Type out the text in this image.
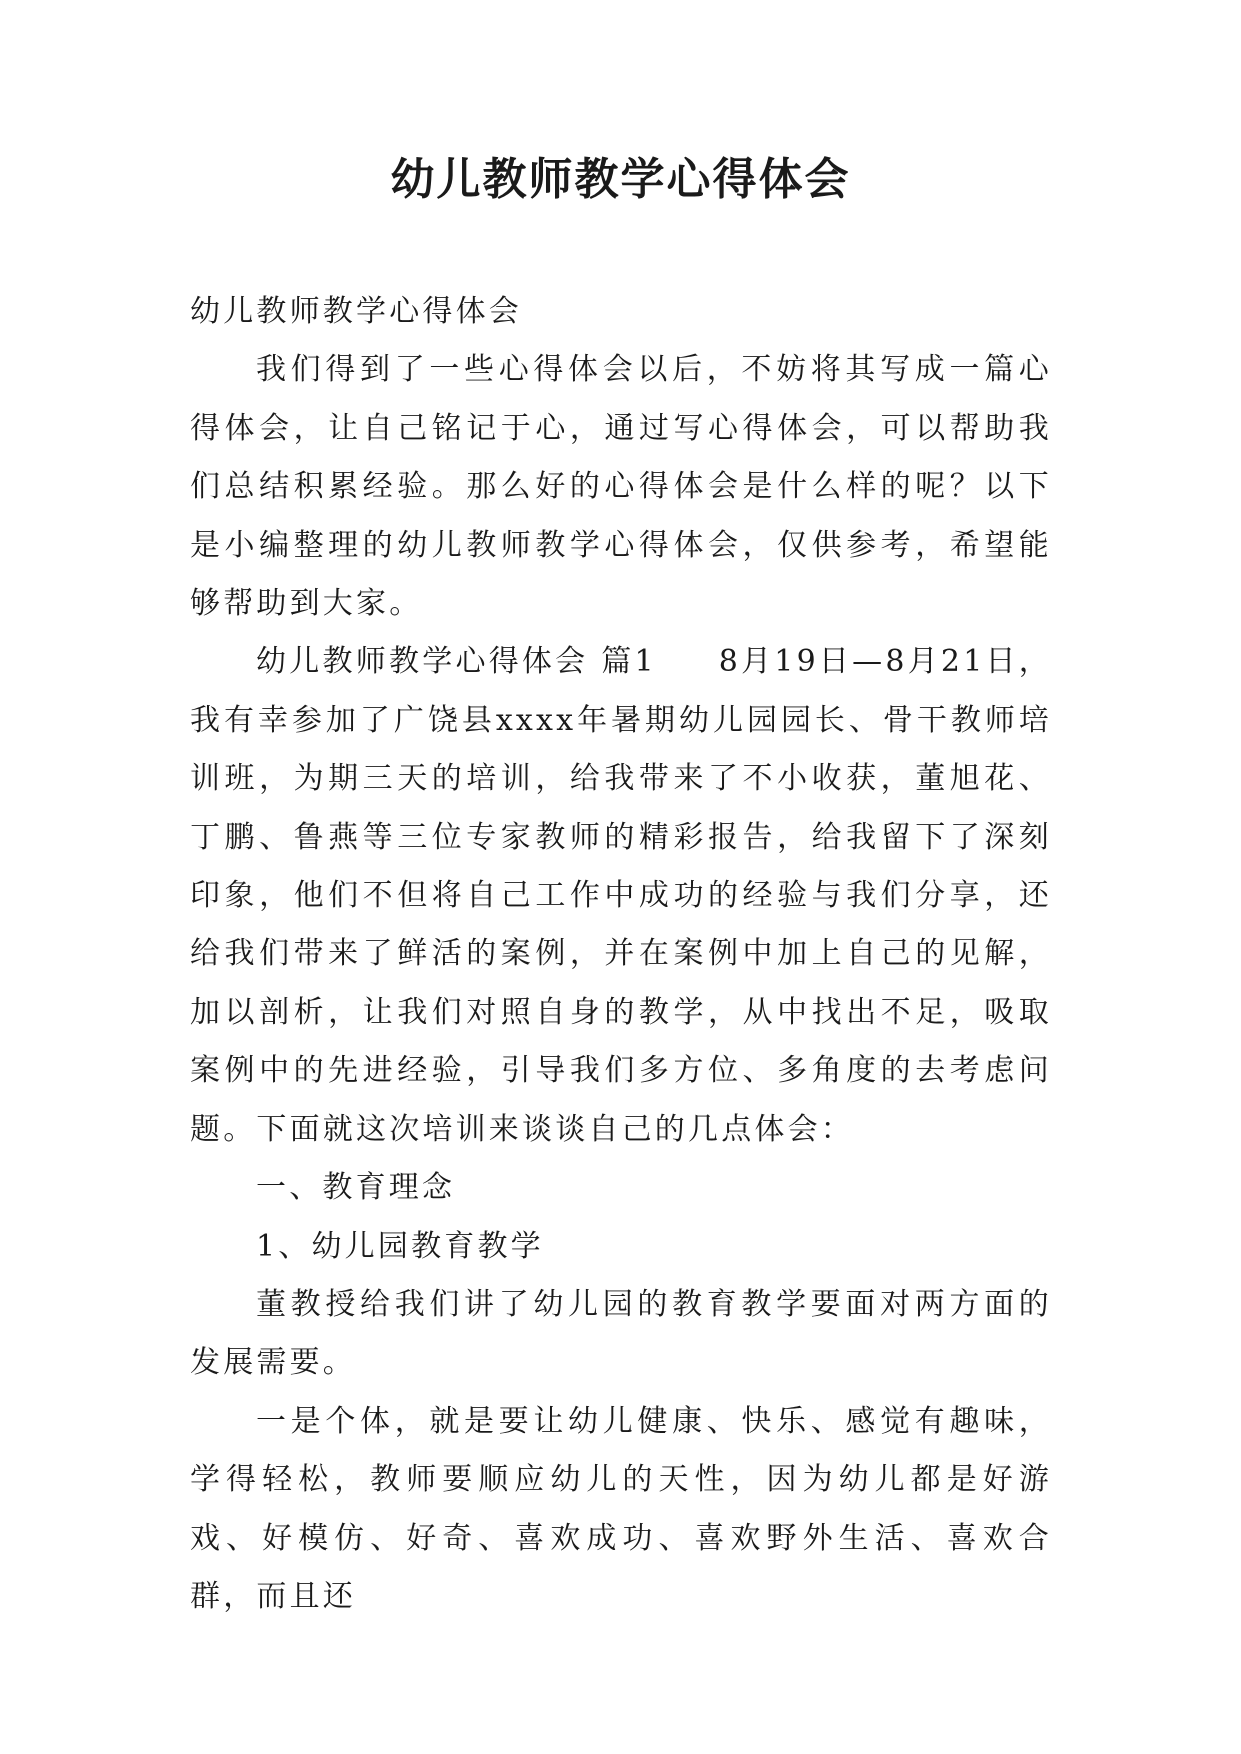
幼儿教师教学心得体会

幼儿教师教学心得体会

我们得到了一些心得体会以后，不妨将其写成一篇心得体会，让自己铭记于心，通过写心得体会，可以帮助我们总结积累经验。那么好的心得体会是什么样的呢？以下是小编整理的幼儿教师教学心得体会，仅供参考，希望能够帮助到大家。

幼儿教师教学心得体会 篇1 8月19日—8月21日，我有幸参加了广饶县xxxx年暑期幼儿园园长、骨干教师培训班，为期三天的培训，给我带来了不小收获，董旭花、丁鹏、鲁燕等三位专家教师的精彩报告，给我留下了深刻印象，他们不但将自己工作中成功的经验与我们分享，还给我们带来了鲜活的案例，并在案例中加上自己的见解，加以剖析，让我们对照自身的教学，从中找出不足，吸取案例中的先进经验，引导我们多方位、多角度的去考虑问题。下面就这次培训来谈谈自己的几点体会：

一、教育理念

1、幼儿园教育教学

董教授给我们讲了幼儿园的教育教学要面对两方面的发展需要。

一是个体，就是要让幼儿健康、快乐、感觉有趣味，学得轻松，教师要顺应幼儿的天性，因为幼儿都是好游戏、好模仿、好奇、喜欢成功、喜欢野外生活、喜欢合群，而且还
